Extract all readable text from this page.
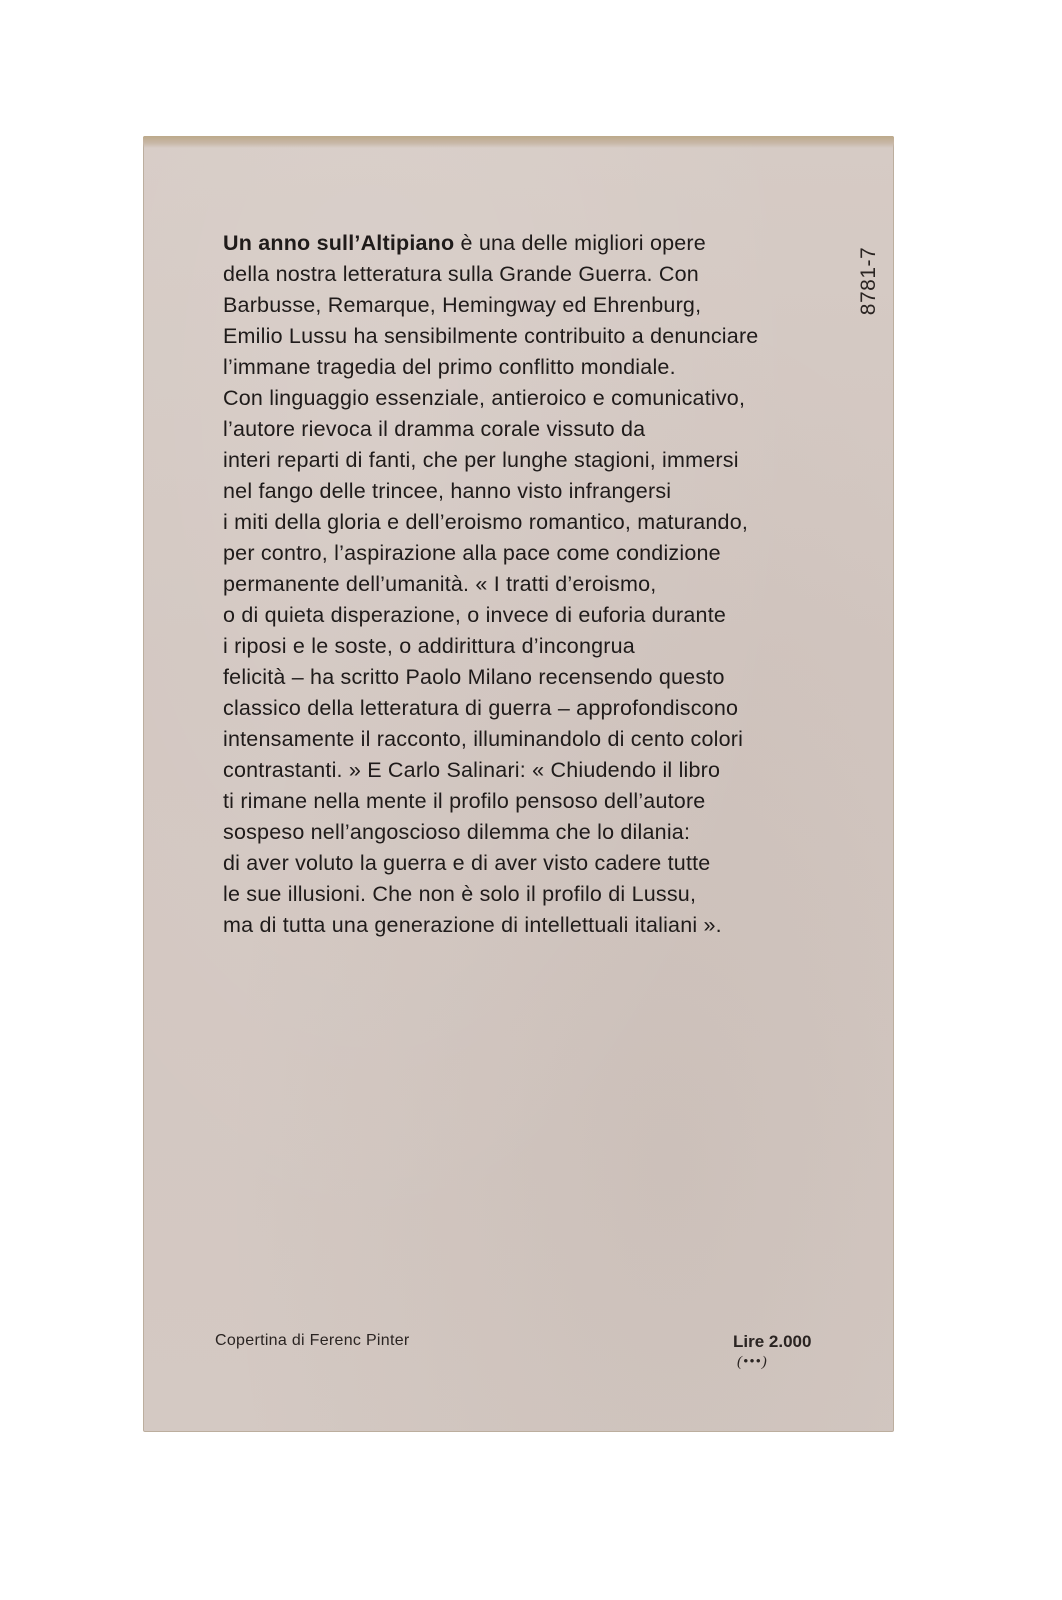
Un anno sull’Altipiano è una delle migliori opere
della nostra letteratura sulla Grande Guerra. Con
Barbusse, Remarque, Hemingway ed Ehrenburg,
Emilio Lussu ha sensibilmente contribuito a denunciare
l’immane tragedia del primo conflitto mondiale.
Con linguaggio essenziale, antieroico e comunicativo,
l’autore rievoca il dramma corale vissuto da
interi reparti di fanti, che per lunghe stagioni, immersi
nel fango delle trincee, hanno visto infrangersi
i miti della gloria e dell’eroismo romantico, maturando,
per contro, l’aspirazione alla pace come condizione
permanente dell’umanità. « I tratti d’eroismo,
o di quieta disperazione, o invece di euforia durante
i riposi e le soste, o addirittura d’incongrua
felicità – ha scritto Paolo Milano recensendo questo
classico della letteratura di guerra – approfondiscono
intensamente il racconto, illuminandolo di cento colori
contrastanti. » E Carlo Salinari: « Chiudendo il libro
ti rimane nella mente il profilo pensoso dell’autore
sospeso nell’angoscioso dilemma che lo dilania:
di aver voluto la guerra e di aver visto cadere tutte
le sue illusioni. Che non è solo il profilo di Lussu,
ma di tutta una generazione di intellettuali italiani ».
8781-7
Copertina di Ferenc Pinter	Lire 2.000
(•••)
